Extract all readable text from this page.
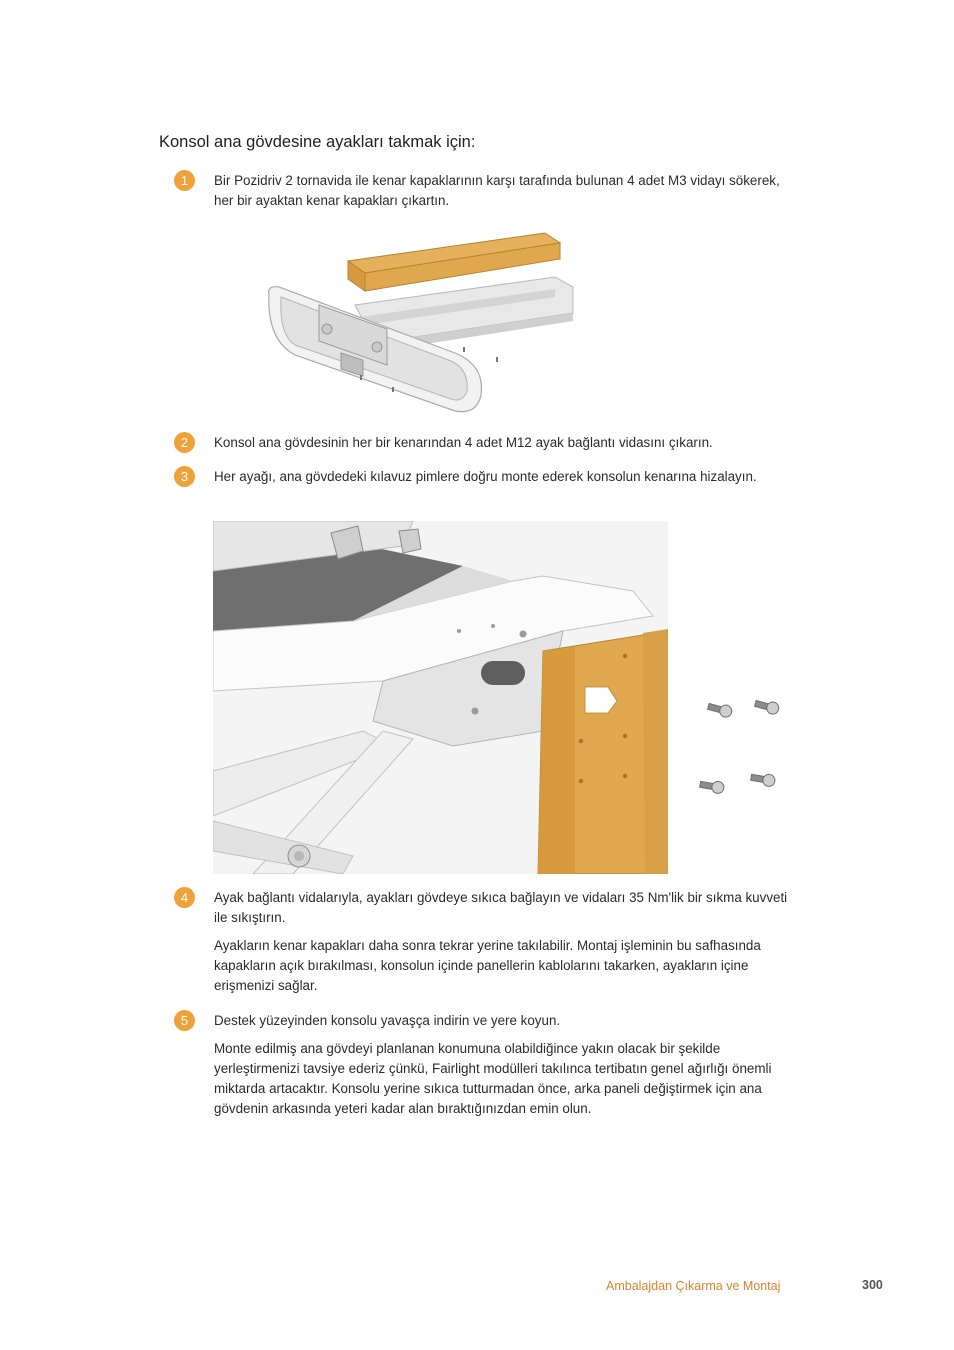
Konsol ana gövdesine ayakları takmak için:
1	Bir Pozidriv 2 tornavida ile kenar kapaklarının karşı tarafında bulunan 4 adet M3 vidayı sökerek, her bir ayaktan kenar kapakları çıkartın.
2	Konsol ana gövdesinin her bir kenarından 4 adet M12 ayak bağlantı vidasını çıkarın.
3	Her ayağı, ana gövdedeki kılavuz pimlere doğru monte ederek konsolun kenarına hizalayın.
4	Ayak bağlantı vidalarıyla, ayakları gövdeye sıkıca bağlayın ve vidaları 35 Nm'lik bir sıkma kuvveti ile sıkıştırın.
Ayakların kenar kapakları daha sonra tekrar yerine takılabilir. Montaj işleminin bu safhasında kapakların açık bırakılması, konsolun içinde panellerin kablolarını takarken, ayakların içine erişmenizi sağlar.
5	Destek yüzeyinden konsolu yavaşça indirin ve yere koyun.
Monte edilmiş ana gövdeyi planlanan konumuna olabildiğince yakın olacak bir şekilde yerleştirmenizi tavsiye ederiz çünkü, Fairlight modülleri takılınca tertibatın genel ağırlığı önemli miktarda artacaktır. Konsolu yerine sıkıca tutturmadan önce, arka paneli değiştirmek için ana gövdenin arkasında yeteri kadar alan bıraktığınızdan emin olun.
Ambalajdan Çıkarma ve Montaj	300
